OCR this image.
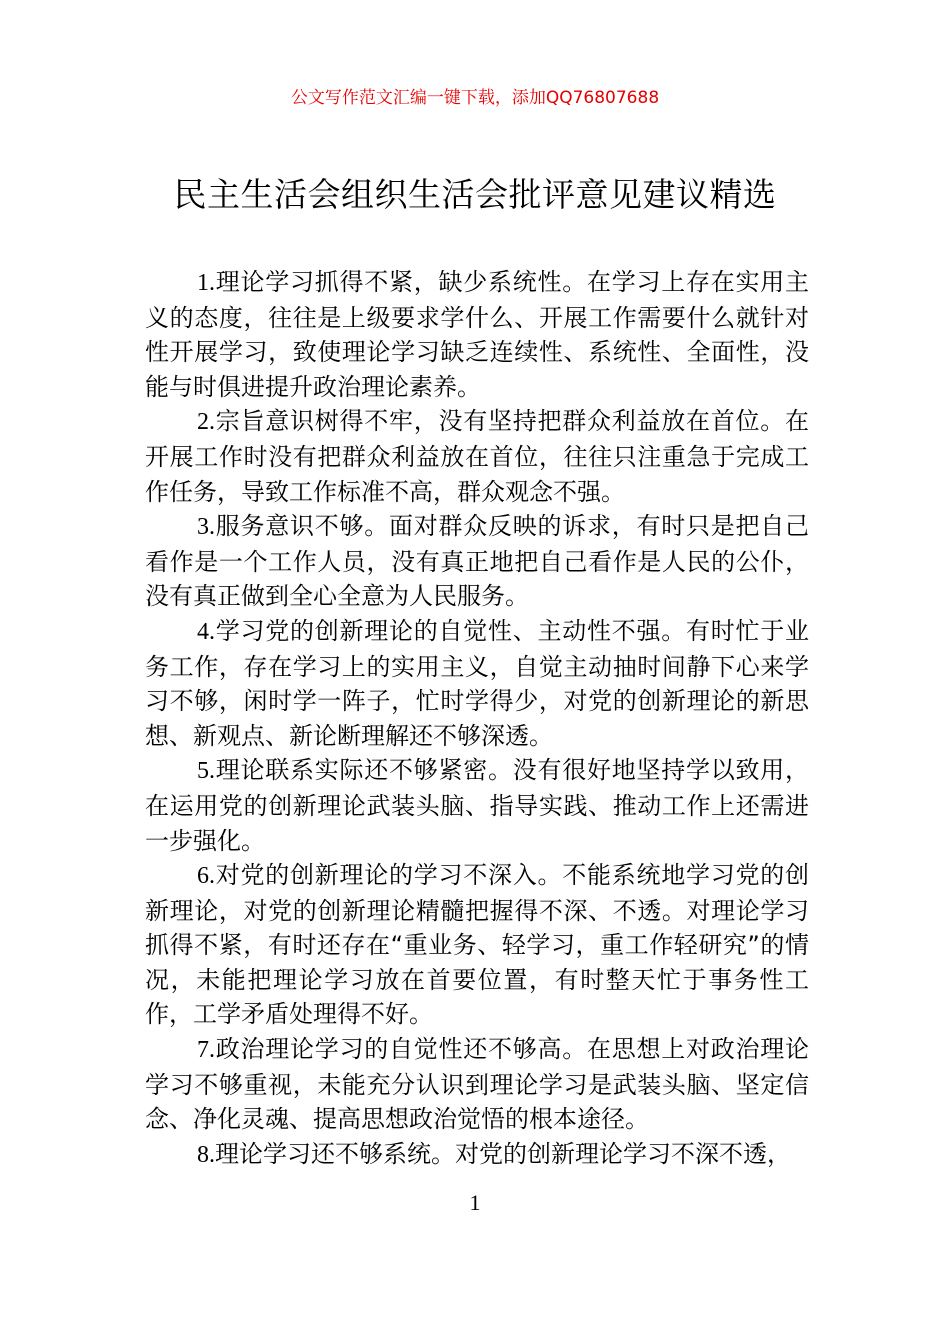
公文写作范文汇编一键下载，添加QQ76807688
民主生活会组织生活会批评意见建议精选

1.理论学习抓得不紧，缺少系统性。在学习上存在实用主义的态度，往往是上级要求学什么、开展工作需要什么就针对性开展学习，致使理论学习缺乏连续性、系统性、全面性，没能与时俱进提升政治理论素养。

2.宗旨意识树得不牢，没有坚持把群众利益放在首位。在开展工作时没有把群众利益放在首位，往往只注重急于完成工作任务，导致工作标准不高，群众观念不强。

3.服务意识不够。面对群众反映的诉求，有时只是把自己看作是一个工作人员，没有真正地把自己看作是人民的公仆，没有真正做到全心全意为人民服务。

4.学习党的创新理论的自觉性、主动性不强。有时忙于业务工作，存在学习上的实用主义，自觉主动抽时间静下心来学习不够，闲时学一阵子，忙时学得少，对党的创新理论的新思想、新观点、新论断理解还不够深透。

5.理论联系实际还不够紧密。没有很好地坚持学以致用，在运用党的创新理论武装头脑、指导实践、推动工作上还需进一步强化。

6.对党的创新理论的学习不深入。不能系统地学习党的创新理论，对党的创新理论精髓把握得不深、不透。对理论学习抓得不紧，有时还存在“重业务、轻学习，重工作轻研究”的情况，未能把理论学习放在首要位置，有时整天忙于事务性工作，工学矛盾处理得不好。

7.政治理论学习的自觉性还不够高。在思想上对政治理论学习不够重视，未能充分认识到理论学习是武装头脑、坚定信念、净化灵魂、提高思想政治觉悟的根本途径。

8.理论学习还不够系统。对党的创新理论学习不深不透，

1
